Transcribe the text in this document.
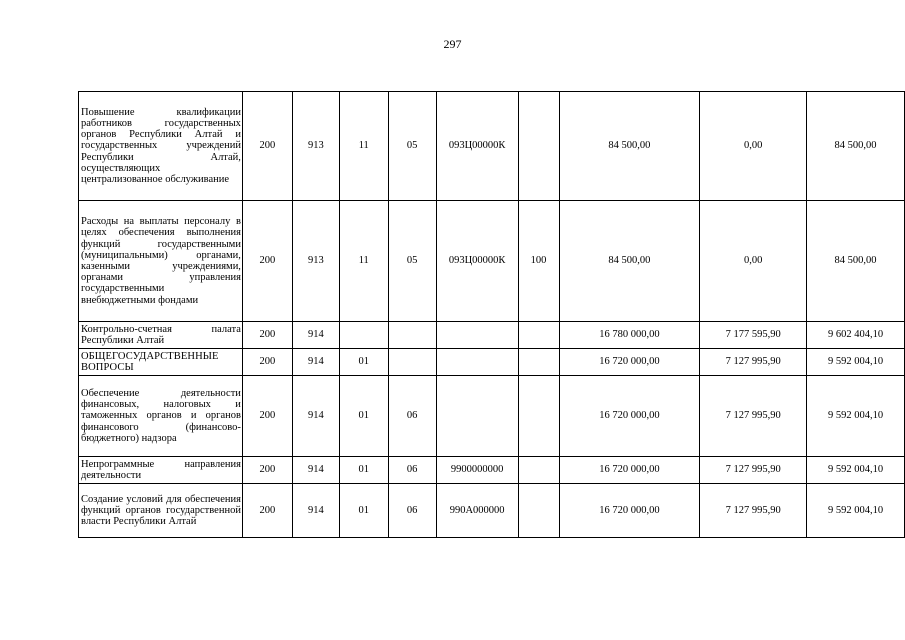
297
Повышение квалификации работников государственных органов Республики Алтай и государственных учреждений Республики Алтай, осуществляющих централизованное обслуживание	200	913	11	05	093Ц00000К		84 500,00	0,00	84 500,00
Расходы на выплаты персоналу в целях обеспечения выполнения функций государственными (муниципальными) органами, казенными учреждениями, органами управления государственными внебюджетными фондами	200	913	11	05	093Ц00000К	100	84 500,00	0,00	84 500,00
Контрольно-счетная палата Республики Алтай	200	914					16 780 000,00	7 177 595,90	9 602 404,10
ОБЩЕГОСУДАРСТВЕННЫЕ ВОПРОСЫ	200	914	01				16 720 000,00	7 127 995,90	9 592 004,10
Обеспечение деятельности финансовых, налоговых и таможенных органов и органов финансового (финансово-бюджетного) надзора	200	914	01	06			16 720 000,00	7 127 995,90	9 592 004,10
Непрограммные направления деятельности	200	914	01	06	9900000000		16 720 000,00	7 127 995,90	9 592 004,10
Создание условий для обеспечения функций органов государственной власти Республики Алтай	200	914	01	06	990А000000		16 720 000,00	7 127 995,90	9 592 004,10
